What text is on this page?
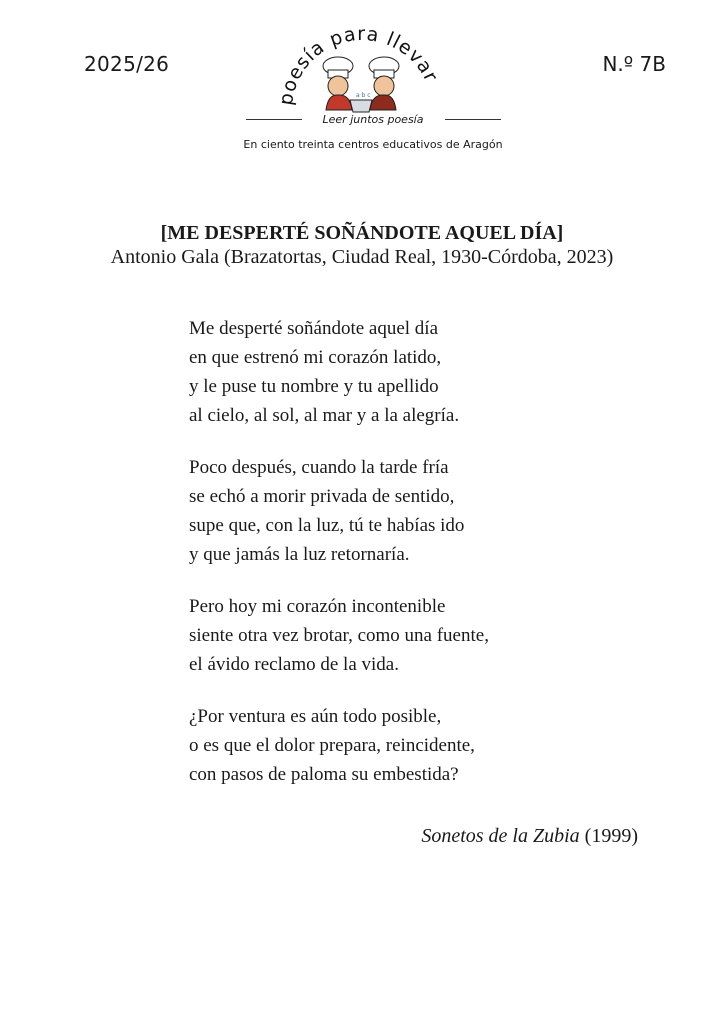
2025/26	N.º 7B
poesía para llevar
a b c
Leer juntos poesía
En ciento treinta centros educativos de Aragón
[ME DESPERTÉ SOÑÁNDOTE AQUEL DÍA]
Antonio Gala (Brazatortas, Ciudad Real, 1930-Córdoba, 2023)
Me desperté soñándote aquel día
en que estrenó mi corazón latido,
y le puse tu nombre y tu apellido
al cielo, al sol, al mar y a la alegría.
Poco después, cuando la tarde fría
se echó a morir privada de sentido,
supe que, con la luz, tú te habías ido
y que jamás la luz retornaría.
Pero hoy mi corazón incontenible
siente otra vez brotar, como una fuente,
el ávido reclamo de la vida.
¿Por ventura es aún todo posible,
o es que el dolor prepara, reincidente,
con pasos de paloma su embestida?
Sonetos de la Zubia (1999)
